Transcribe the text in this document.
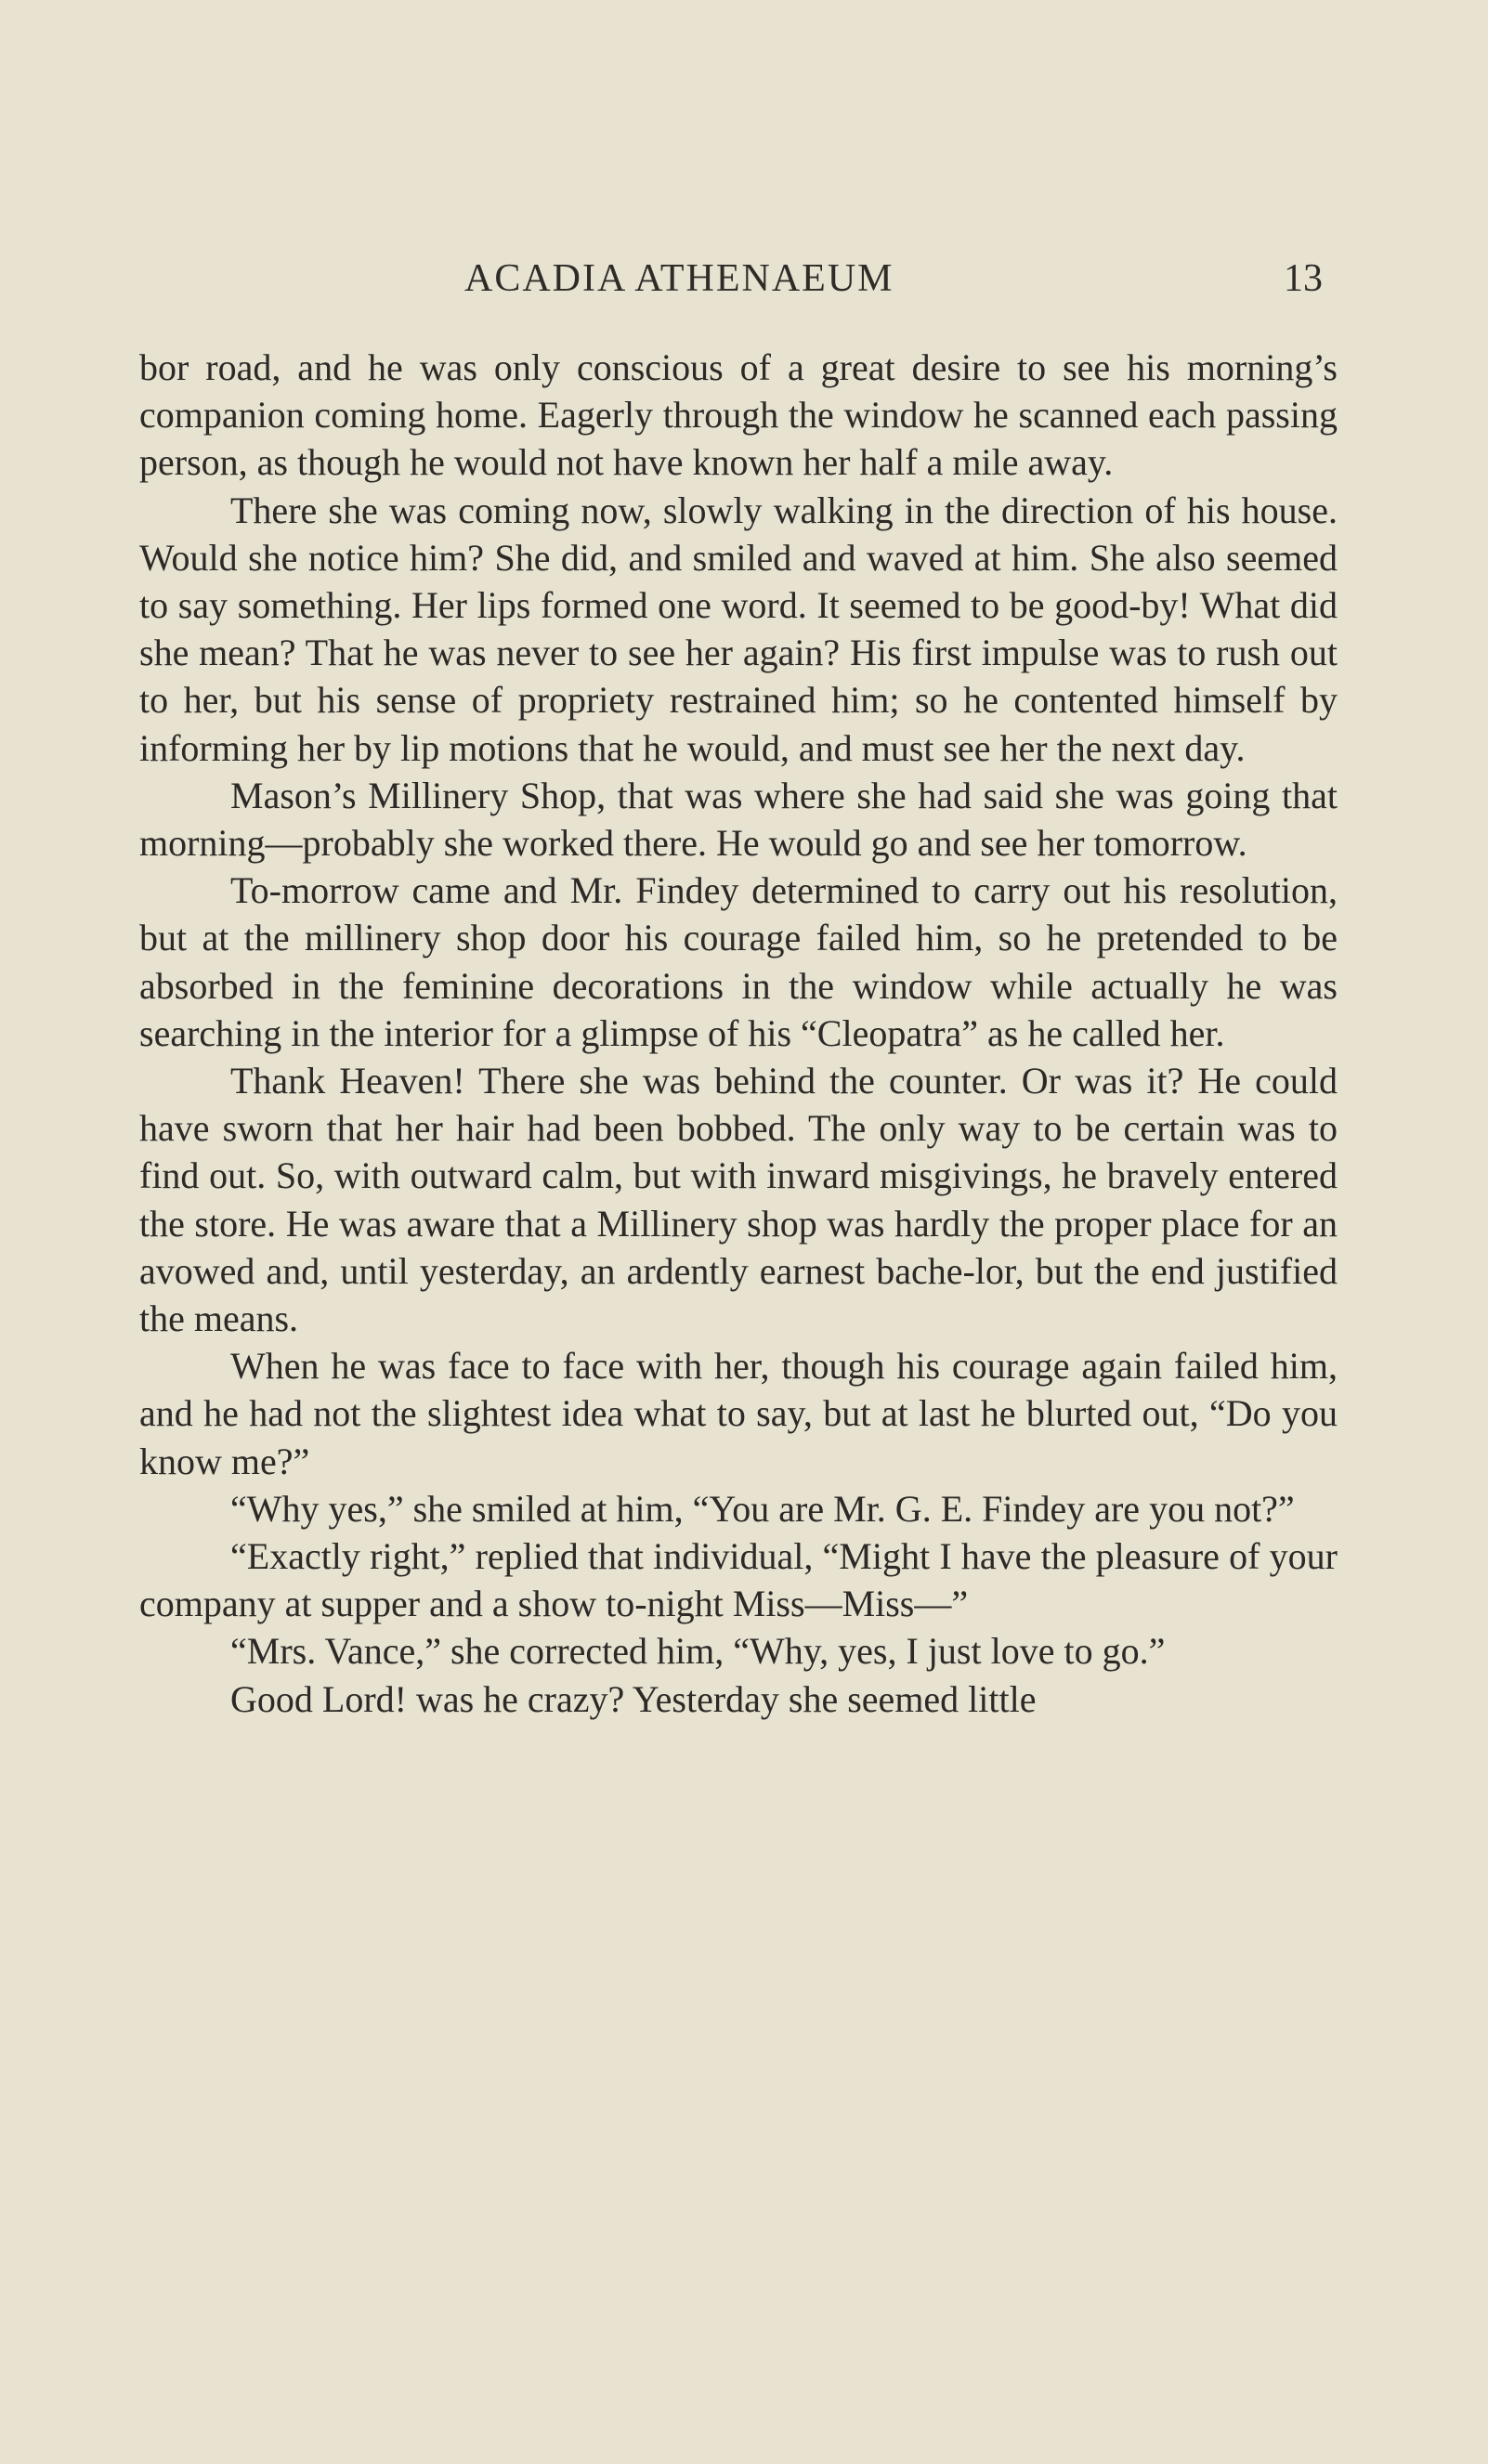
ACADIA ATHENAEUM	13

bor road, and he was only conscious of a great desire to see his morning’s companion coming home. Eagerly through the window he scanned each passing person, as though he would not have known her half a mile away.

There she was coming now, slowly walking in the direction of his house. Would she notice him? She did, and smiled and waved at him. She also seemed to say something. Her lips formed one word. It seemed to be good-by! What did she mean? That he was never to see her again? His first impulse was to rush out to her, but his sense of propriety restrained him; so he contented himself by informing her by lip motions that he would, and must see her the next day.

Mason’s Millinery Shop, that was where she had said she was going that morning—probably she worked there. He would go and see her tomorrow.

To-morrow came and Mr. Findey determined to carry out his resolution, but at the millinery shop door his courage failed him, so he pretended to be absorbed in the feminine decorations in the window while actually he was searching in the interior for a glimpse of his “Cleopatra” as he called her.

Thank Heaven! There she was behind the counter. Or was it? He could have sworn that her hair had been bobbed. The only way to be certain was to find out. So, with outward calm, but with inward misgivings, he bravely entered the store. He was aware that a Millinery shop was hardly the proper place for an avowed and, until yesterday, an ardently earnest bache-lor, but the end justified the means.

When he was face to face with her, though his courage again failed him, and he had not the slightest idea what to say, but at last he blurted out, “Do you know me?”

“Why yes,” she smiled at him, “You are Mr. G. E. Findey are you not?”

“Exactly right,” replied that individual, “Might I have the pleasure of your company at supper and a show to-night Miss—Miss—”

“Mrs. Vance,” she corrected him, “Why, yes, I just love to go.”

Good Lord! was he crazy? Yesterday she seemed little
